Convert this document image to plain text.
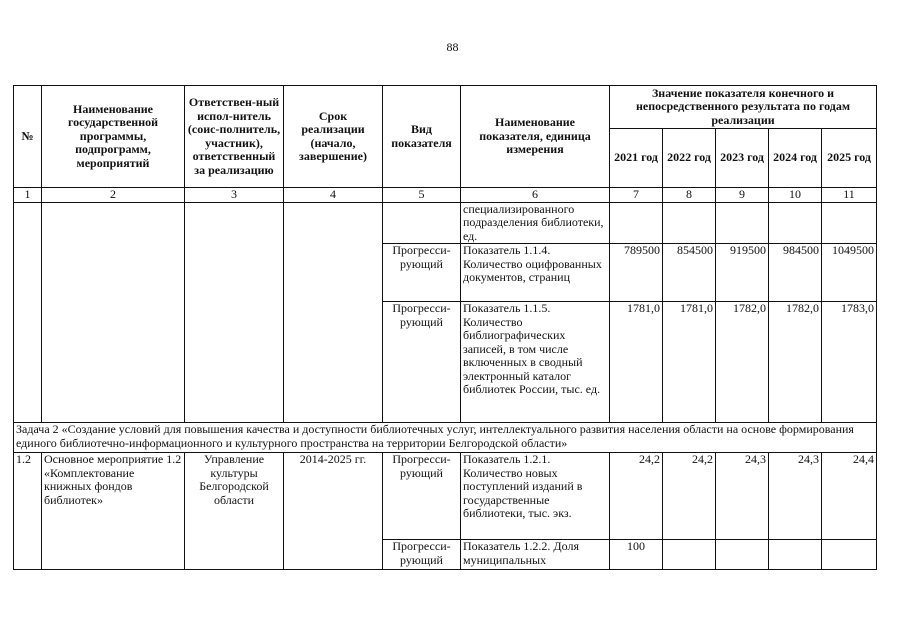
88
№	Наименование государственной программы, подпрограмм, мероприятий	Ответствен-ный испол-нитель (сoис-полнитель, участник), ответственный за реализацию	Срок реализации (начало, завершение)	Вид показателя	Наименование показателя, единица измерения	Значение показателя конечного и непосредственного результата по годам реализации				
						2021 год	2022 год	2023 год	2024 год	2025 год
1	2	3	4	5	6	7	8	9	10	11
					специализированного подразделения библиотеки, ед.					
				Прогресси-рующий	Показатель 1.1.4. Количество оцифрованных документов, страниц	789500	854500	919500	984500	1049500
				Прогресси-рующий	Показатель 1.1.5. Количество библиографических записей, в том числе включенных в сводный электронный каталог библиотек России, тыс. ед.	1781,0	1781,0	1782,0	1782,0	1783,0
Задача 2 «Создание условий для повышения качества и доступности библиотечных услуг, интеллектуального развития населения области на основе формирования единого библиотечно-информационного и культурного пространства на территории Белгородской области»										
1.2	Основное мероприятие 1.2 «Комплектование книжных фондов библиотек»	Управление культуры Белгородской области	2014-2025 гг.	Прогресси-рующий	Показатель 1.2.1. Количество новых поступлений изданий в государственные библиотеки, тыс. экз.	24,2	24,2	24,3	24,3	24,4
				Прогресси-рующий	Показатель 1.2.2. Доля муниципальных	100				
